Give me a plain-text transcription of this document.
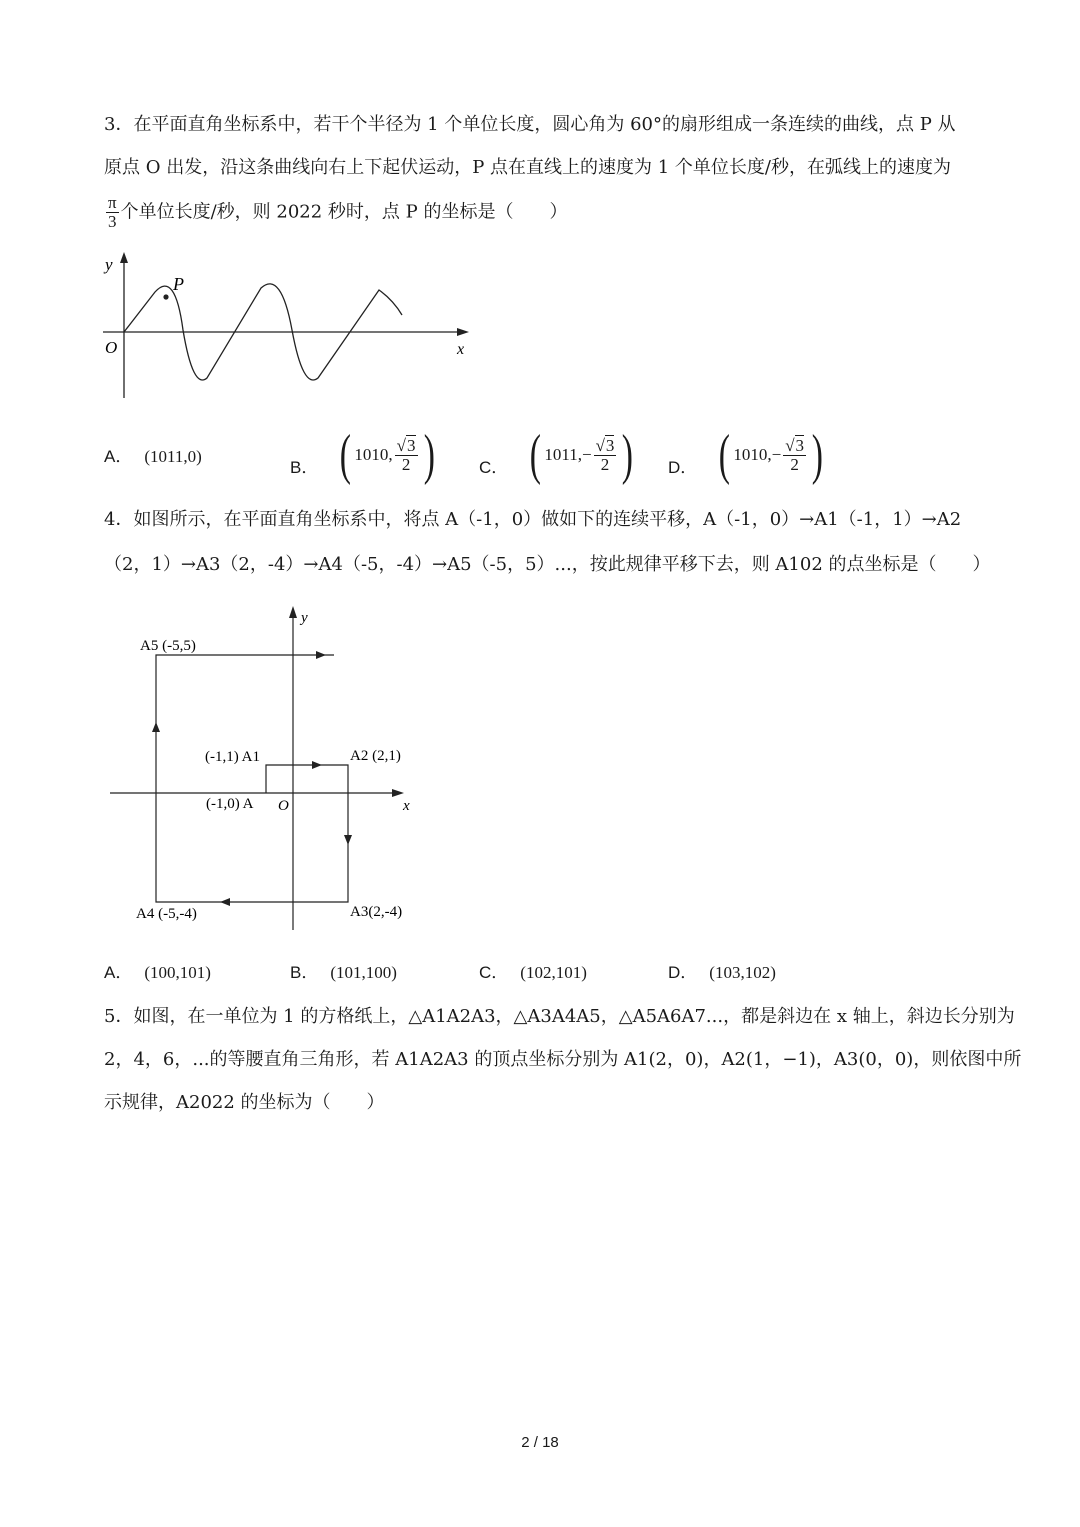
3．在平面直角坐标系中，若干个半径为 1 个单位长度，圆心角为 60°的扇形组成一条连续的曲线，点 P 从
原点 O 出发，沿这条曲线向右上下起伏运动，P 点在直线上的速度为 1 个单位长度/秒，在弧线上的速度为
$\frac{\pi}{3}$ 个单位长度/秒，则 2022 秒时，点 P 的坐标是（　　）
P
y
O	x
A． (1011,0)
B． ( 1010, $\frac{√3}{2}$ )	C． ( $1011,- \frac{√3}{2}$ ) D． ( $1010,- \frac{√3}{2}$ )
4．如图所示，在平面直角坐标系中，将点 A（-1，0）做如下的连续平移，A（-1，0）→A1（-1，1）→A2
（2，1）→A3（2，-4）→A4（-5，-4）→A5（-5，5）...，按此规律平移下去，则 A102 的点坐标是（　　）
y
x
O
A5 (-5,5)
(-1,1) A1	A2 (2,1)
(-1,0) A
A4 (-5,-4)	A3(2,-4)
A． (100,101)	B． (101,100)	C． (102,101)	D． (103,102)
5．如图，在一单位为 1 的方格纸上，△A1A2A3，△A3A4A5，△A5A6A7...，都是斜边在 x 轴上，斜边长分别为
2，4，6，...的等腰直角三角形，若 A1A2A3 的顶点坐标分别为 A1(2，0)，A2(1，−1)，A3(0，0)，则依图中所
示规律，A2022 的坐标为（　　）
2 / 18
